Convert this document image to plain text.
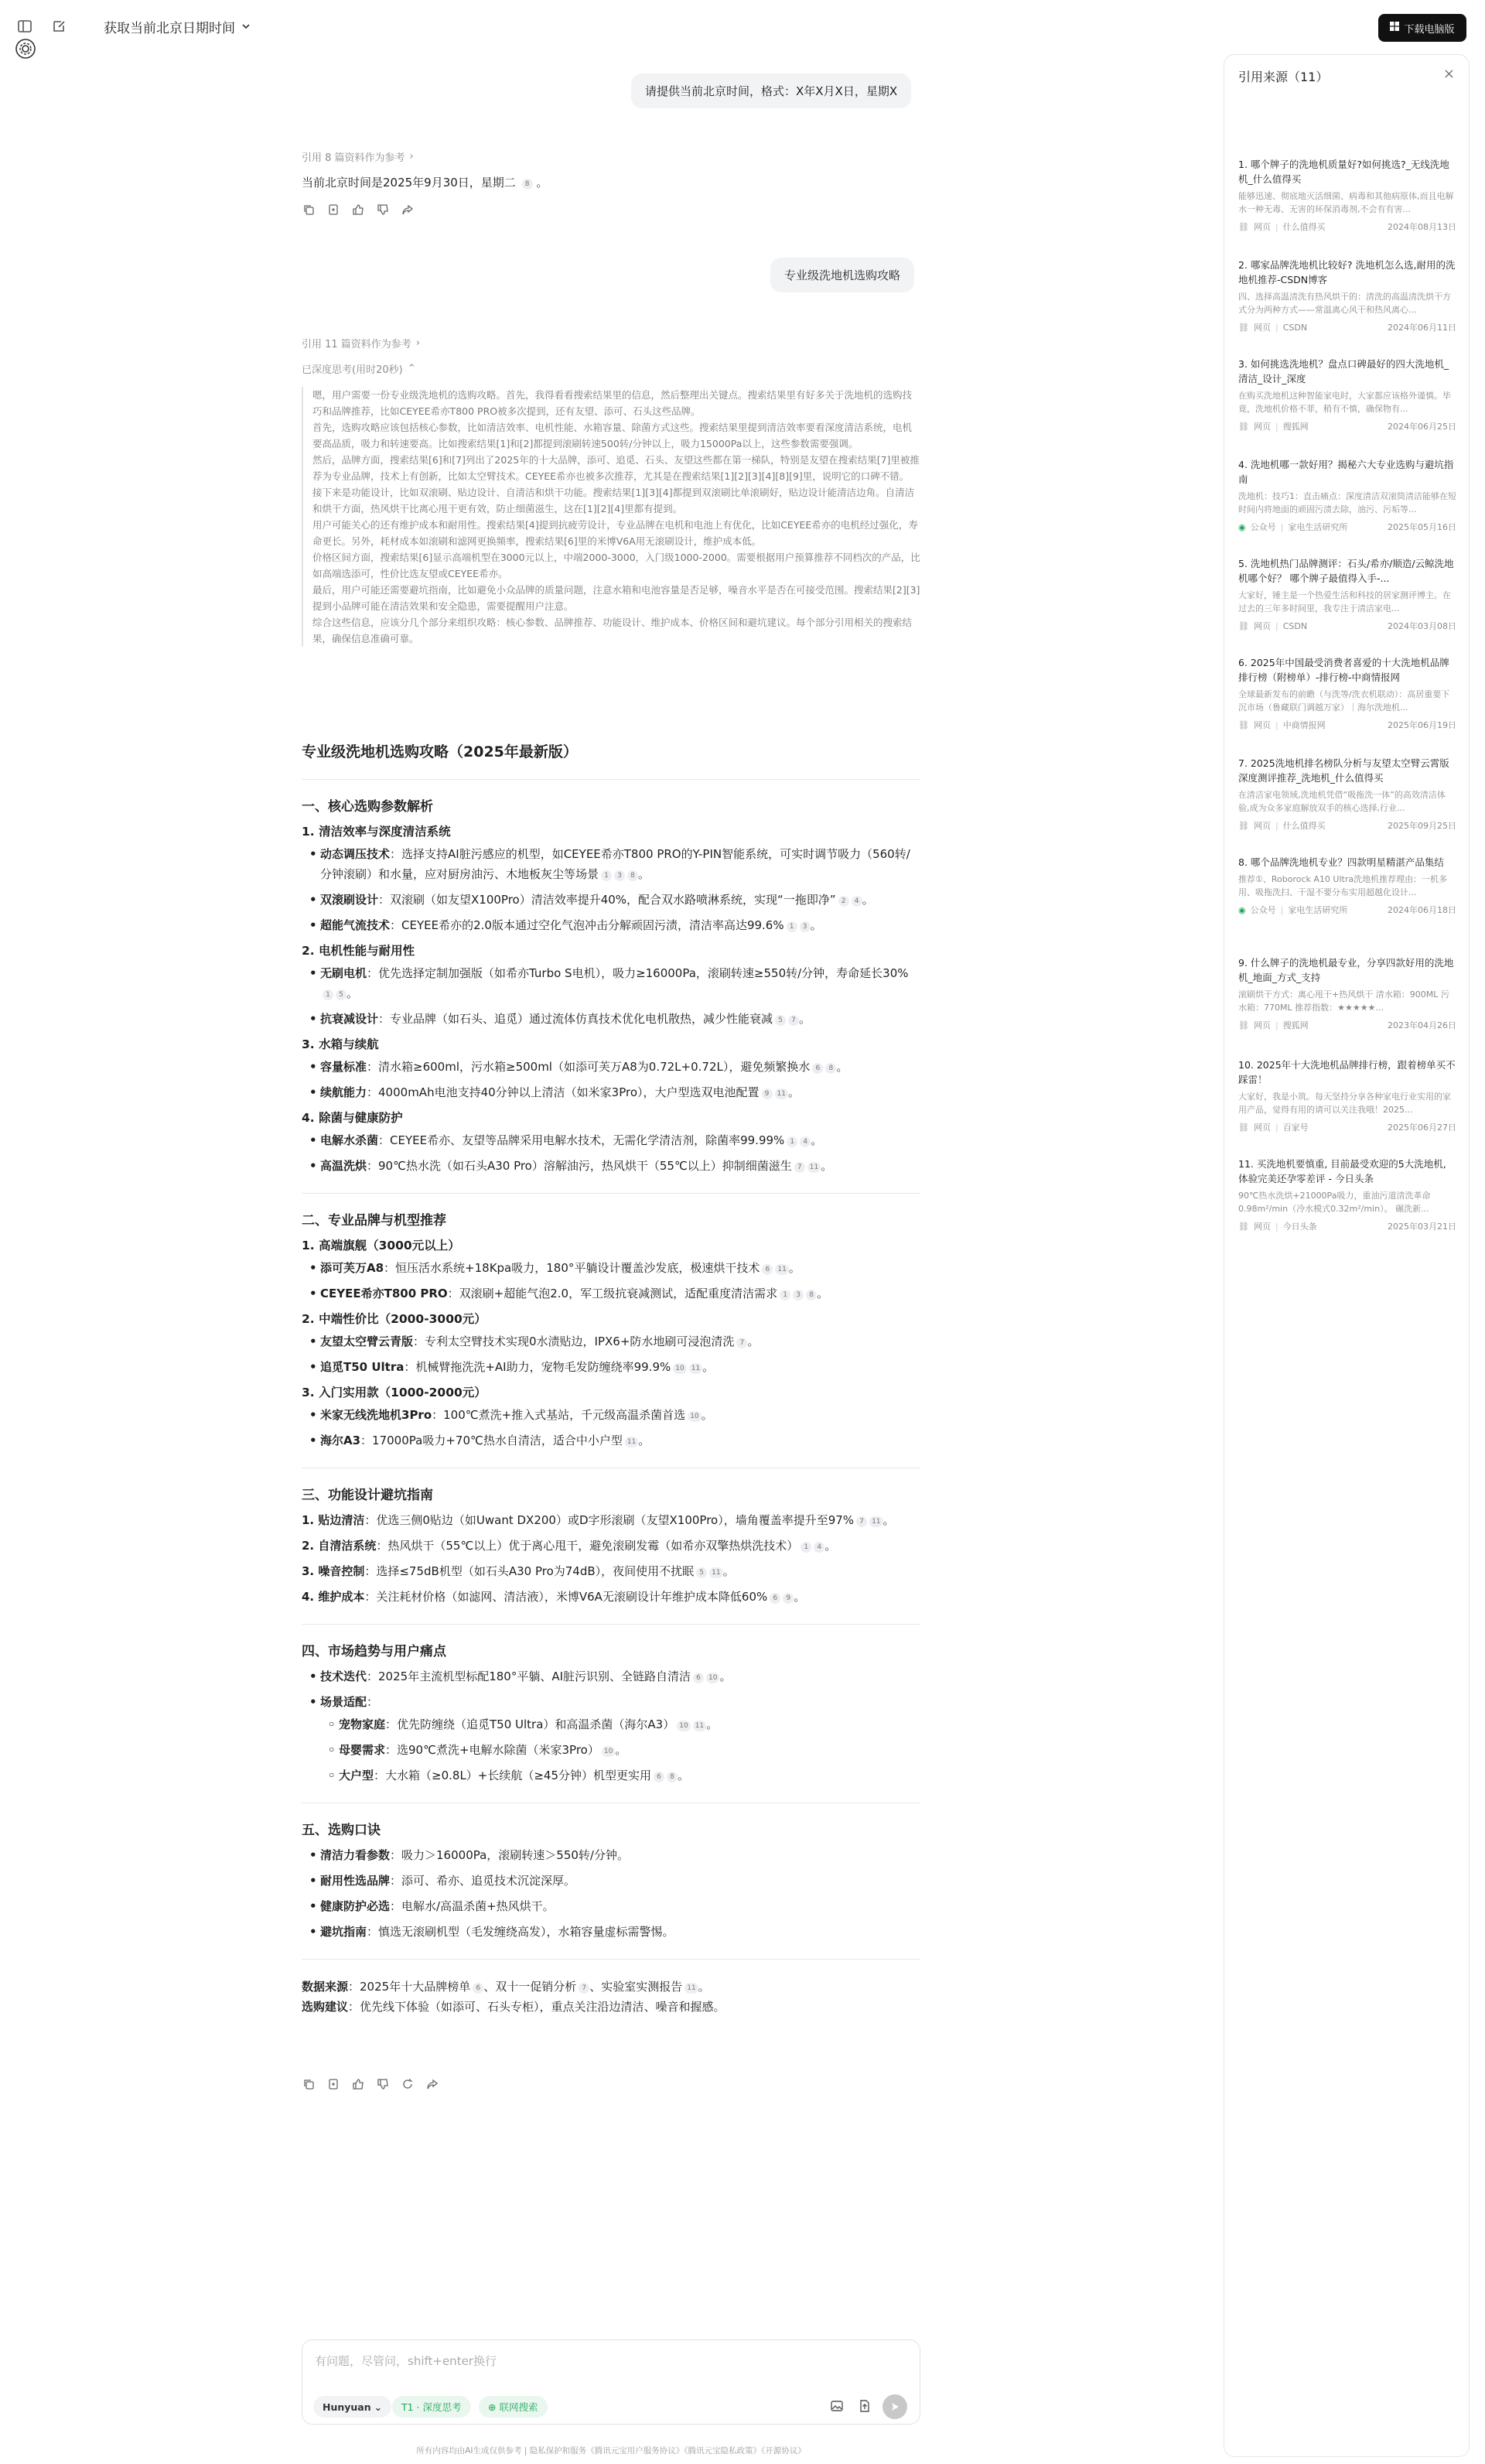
获取当前北京日期时间	下载电脑版
请提供当前北京时间，格式：X年X月X日，星期X
引用 8 篇资料作为参考 ›
当前北京时间是2025年9月30日，星期二 8 。
专业级洗地机选购攻略
引用 11 篇资料作为参考 ›
已深度思考(用时20秒) ⌃

嗯，用户需要一份专业级洗地机的选购攻略。首先，我得看看搜索结果里的信息，然后整理出关键点。搜索结果里有好多关于洗地机的选购技巧和品牌推荐，比如CEYEE希亦T800 PRO被多次提到，还有友望、添可、石头这些品牌。

首先，选购攻略应该包括核心参数，比如清洁效率、电机性能、水箱容量、除菌方式这些。搜索结果里提到清洁效率要看深度清洁系统，电机要高品质，吸力和转速要高。比如搜索结果[1]和[2]都提到滚刷转速500转/分钟以上，吸力15000Pa以上，这些参数需要强调。

然后，品牌方面，搜索结果[6]和[7]列出了2025年的十大品牌，添可、追觅、石头、友望这些都在第一梯队，特别是友望在搜索结果[7]里被推荐为专业品牌，技术上有创新，比如太空臂技术。CEYEE希亦也被多次推荐，尤其是在搜索结果[1][2][3][4][8][9]里，说明它的口碑不错。

接下来是功能设计，比如双滚刷、贴边设计、自清洁和烘干功能。搜索结果[1][3][4]都提到双滚刷比单滚刷好，贴边设计能清洁边角。自清洁和烘干方面，热风烘干比离心甩干更有效，防止细菌滋生，这在[1][2][4]里都有提到。

用户可能关心的还有维护成本和耐用性。搜索结果[4]提到抗疲劳设计，专业品牌在电机和电池上有优化，比如CEYEE希亦的电机经过强化，寿命更长。另外，耗材成本如滚刷和滤网更换频率，搜索结果[6]里的米博V6A用无滚刷设计，维护成本低。

价格区间方面，搜索结果[6]显示高端机型在3000元以上，中端2000-3000，入门级1000-2000。需要根据用户预算推荐不同档次的产品，比如高端选添可，性价比选友望或CEYEE希亦。

最后，用户可能还需要避坑指南，比如避免小众品牌的质量问题，注意水箱和电池容量是否足够，噪音水平是否在可接受范围。搜索结果[2][3]提到小品牌可能在清洁效果和安全隐患，需要提醒用户注意。

综合这些信息，应该分几个部分来组织攻略：核心参数、品牌推荐、功能设计、维护成本、价格区间和避坑建议。每个部分引用相关的搜索结果，确保信息准确可靠。

专业级洗地机选购攻略（2025年最新版）
一、核心选购参数解析
1. 清洁效率与深度清洁系统
• 动态调压技术：选择支持AI脏污感应的机型，如CEYEE希亦T800 PRO的Y-PIN智能系统，可实时调节吸力（560转/分钟滚刷）和水量，应对厨房油污、木地板灰尘等场景 1 3 8 。
• 双滚刷设计：双滚刷（如友望X100Pro）清洁效率提升40%，配合双水路喷淋系统，实现“一拖即净” 2 4 。
• 超能气流技术：CEYEE希亦的2.0版本通过空化气泡冲击分解顽固污渍，清洁率高达99.6% 1 3 。
2. 电机性能与耐用性
• 无刷电机：优先选择定制加强版（如希亦Turbo S电机），吸力≥16000Pa，滚刷转速≥550转/分钟，寿命延长30%1 5 。
• 抗衰减设计：专业品牌（如石头、追觅）通过流体仿真技术优化电机散热，减少性能衰减 5 7 。
3. 水箱与续航
• 容量标准：清水箱≥600ml，污水箱≥500ml（如添可芙万A8为0.72L+0.72L），避免频繁换水 6 8 。
• 续航能力：4000mAh电池支持40分钟以上清洁（如米家3Pro），大户型选双电池配置 9 11 。
4. 除菌与健康防护
• 电解水杀菌：CEYEE希亦、友望等品牌采用电解水技术，无需化学清洁剂，除菌率99.99% 1 4 。
• 高温洗烘：90℃热水洗（如石头A30 Pro）溶解油污，热风烘干（55℃以上）抑制细菌滋生 7 11 。
二、专业品牌与机型推荐
1. 高端旗舰（3000元以上）
• 添可芙万A8：恒压活水系统+18Kpa吸力，180°平躺设计覆盖沙发底，极速烘干技术 6 11 。
• CEYEE希亦T800 PRO：双滚刷+超能气泡2.0，军工级抗衰减测试，适配重度清洁需求 1 3 8 。
2. 中端性价比（2000-3000元）
• 友望太空臂云青版：专利太空臂技术实现0水渍贴边，IPX6+防水地刷可浸泡清洗 7 。
• 追觅T50 Ultra：机械臂拖洗洗+AI助力，宠物毛发防缠绕率99.9% 10 11 。
3. 入门实用款（1000-2000元）
• 米家无线洗地机3Pro：100℃煮洗+推入式基站，千元级高温杀菌首选 10 。
• 海尔A3：17000Pa吸力+70℃热水自清洁，适合中小户型 11 。
三、功能设计避坑指南
1. 贴边清洁：优选三侧0贴边（如Uwant DX200）或D字形滚刷（友望X100Pro），墙角覆盖率提升至97% 7 11 。
2. 自清洁系统：热风烘干（55℃以上）优于离心甩干，避免滚刷发霉（如希亦双擎热烘洗技术） 1 4 。
3. 噪音控制：选择≤75dB机型（如石头A30 Pro为74dB），夜间使用不扰眠 5 11 。
4. 维护成本：关注耗材价格（如滤网、清洁液），米博V6A无滚刷设计年维护成本降低60% 6 9 。
四、市场趋势与用户痛点
• 技术迭代：2025年主流机型标配180°平躺、AI脏污识别、全链路自清洁 6 10 。
• 场景适配：
◦ 宠物家庭：优先防缠绕（追觅T50 Ultra）和高温杀菌（海尔A3） 10 11 。
◦ 母婴需求：选90℃煮洗+电解水除菌（米家3Pro） 10 。
◦ 大户型：大水箱（≥0.8L）+长续航（≥45分钟）机型更实用 6 8 。
五、选购口诀
• 清洁力看参数：吸力＞16000Pa，滚刷转速＞550转/分钟。
• 耐用性选品牌：添可、希亦、追觅技术沉淀深厚。
• 健康防护必选：电解水/高温杀菌+热风烘干。
• 避坑指南：慎选无滚刷机型（毛发缠绕高发），水箱容量虚标需警惕。
数据来源：2025年十大品牌榜单 6 、双十一促销分析 7 、实验室实测报告 11 。
选购建议：优先线下体验（如添可、石头专柜），重点关注沿边清洁、噪音和握感。
有问题，尽管问，shift+enter换行
Hunyuan ⌄ T1 · 深度思考	⊕ 联网搜索
所有内容均由AI生成仅供参考 | 隐私保护和服务《腾讯元宝用户服务协议》《腾讯元宝隐私政策》《开源协议》
引用来源（11）	×
1. 哪个牌子的洗地机质量好?如何挑选?_无线洗地机_什么值得买
能够迅速、彻底地灭活细菌、病毒和其他病原体,而且电解水一种无毒、无害的环保消毒剂,不会有有害...
⛓ 网页 | 什么值得买	2024年08月13日
2. 哪家品牌洗地机比较好? 洗地机怎么选,耐用的洗地机推荐-CSDN博客
四、选择高温清洗有热风烘干的：清洗的高温清洗烘干方式分为两种方式——常温离心风干和热风离心...
⛓ 网页 | CSDN	2024年06月11日
3. 如何挑选洗地机？盘点口碑最好的四大洗地机_清洁_设计_深度
在购买洗地机这种智能家电时，大家都应该格外谨慎。毕竟，洗地机价格不菲，稍有不慎，确保物有...
⛓ 网页 | 搜狐网	2024年06月25日
4. 洗地机哪一款好用？揭秘六大专业选购与避坑指南
洗地机：技巧1：直击痛点：深度清洁双滚筒清洁能够在短时间内将地面的顽固污渍去除，油污、污垢等...
◉ 公众号 | 家电生活研究所	2025年05月16日
5. 洗地机热门品牌测评：石头/希亦/顺造/云鲸洗地机哪个好？ 哪个牌子最值得入手-...
大家好，锤主是一个热爱生活和科技的居家测评博主。在过去的三年多时间里，我专注于清洁家电...
⛓ 网页 | CSDN	2024年03月08日
6. 2025年中国最受消费者喜爱的十大洗地机品牌排行榜（附榜单）-排行榜-中商情报网
全球最新发布的前瞻（与洗等/洗衣机联动）：高居重要下沉市场（鲁藏联门调越万家）｜海尔洗地机...
⛓ 网页 | 中商情报网	2025年06月19日
7. 2025洗地机排名榜队分析与友望太空臂云霄版深度测评推荐_洗地机_什么值得买
在清洁家电领域,洗地机凭借“吸拖洗一体”的高效清洁体验,成为众多家庭解放双手的核心选择,行业...
⛓ 网页 | 什么值得买	2025年09月25日
8. 哪个品牌洗地机专业？四款明星精湛产品集结
推荐①、Roborock A10 Ultra洗地机推荐理由：一机多用、吸拖洗扫、干湿不要分布实用超越化设计...
◉ 公众号 | 家电生活研究所	2024年06月18日
9. 什么牌子的洗地机最专业，分享四款好用的洗地机_地面_方式_支持
滚刷烘干方式：离心甩干+热风烘干 清水箱：900ML 污水箱：770ML 推荐指数：★★★★★...
⛓ 网页 | 搜狐网	2023年04月26日
10. 2025年十大洗地机品牌排行榜，跟着榜单买不踩雷！
大家好，我是小筑。每天坚持分享各种家电行业实用的家用产品，觉得有用的请可以关注我哦！2025...
⛓ 网页 | 百家号	2025年06月27日
11. 买洗地机要慎重, 目前最受欢迎的5大洗地机, 体验完美还孕零差评 - 今日头条
90℃热水洗烘+21000Pa吸力，重油污道清洗革命0.98m²/min（冷水模式0.32m²/min）。 碾洗新...
⛓ 网页 | 今日头条	2025年03月21日
